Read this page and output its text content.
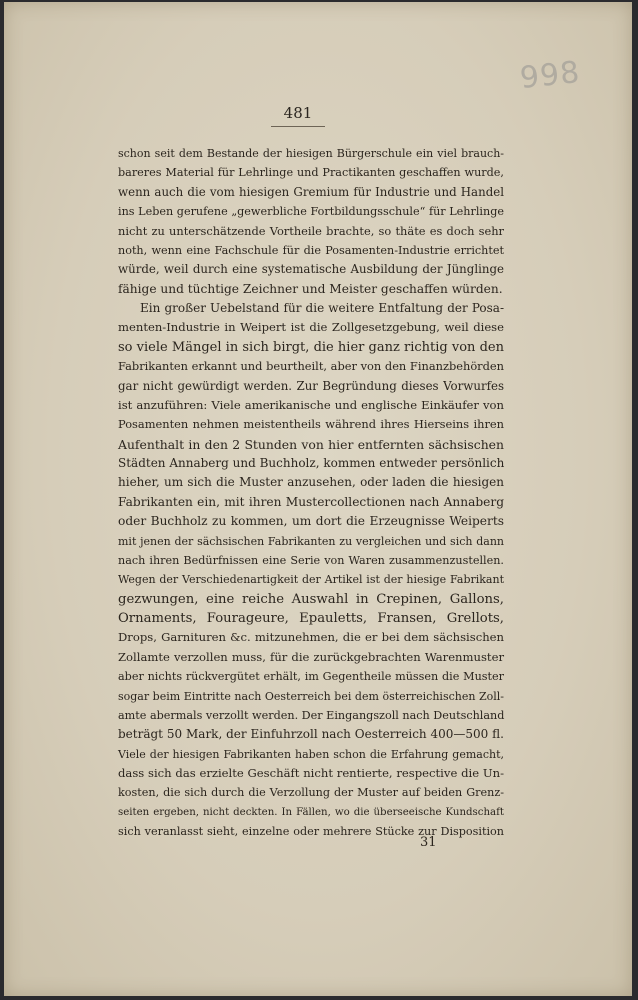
998
481
schon seit dem Bestande der hiesigen Bürgerschule ein viel brauch-
bareres Material für Lehrlinge und Practikanten geschaffen wurde,
wenn auch die vom hiesigen Gremium für Industrie und Handel
ins Leben gerufene „gewerbliche Fortbildungsschule“ für Lehrlinge
nicht zu unterschätzende Vortheile brachte, so thäte es doch sehr
noth, wenn eine Fachschule für die Posamenten-Industrie errichtet
würde, weil durch eine systematische Ausbildung der Jünglinge
fähige und tüchtige Zeichner und Meister geschaffen würden.
Ein großer Uebelstand für die weitere Entfaltung der Posa-
menten-Industrie in Weipert ist die Zollgesetzgebung, weil diese
so viele Mängel in sich birgt, die hier ganz richtig von den
Fabrikanten erkannt und beurtheilt, aber von den Finanzbehörden
gar nicht gewürdigt werden. Zur Begründung dieses Vorwurfes
ist anzuführen: Viele amerikanische und englische Einkäufer von
Posamenten nehmen meistentheils während ihres Hierseins ihren
Aufenthalt in den 2 Stunden von hier entfernten sächsischen
Städten Annaberg und Buchholz, kommen entweder persönlich
hieher, um sich die Muster anzusehen, oder laden die hiesigen
Fabrikanten ein, mit ihren Mustercollectionen nach Annaberg
oder Buchholz zu kommen, um dort die Erzeugnisse Weiperts
mit jenen der sächsischen Fabrikanten zu vergleichen und sich dann
nach ihren Bedürfnissen eine Serie von Waren zusammenzustellen.
Wegen der Verschiedenartigkeit der Artikel ist der hiesige Fabrikant
gezwungen, eine reiche Auswahl in Crepinen, Gallons,
Ornaments, Fourageure, Epauletts, Fransen, Grellots,
Drops, Garnituren &c. mitzunehmen, die er bei dem sächsischen
Zollamte verzollen muss, für die zurückgebrachten Warenmuster
aber nichts rückvergütet erhält, im Gegentheile müssen die Muster
sogar beim Eintritte nach Oesterreich bei dem österreichischen Zoll-
amte abermals verzollt werden. Der Eingangszoll nach Deutschland
beträgt 50 Mark, der Einfuhrzoll nach Oesterreich 400—500 fl.
Viele der hiesigen Fabrikanten haben schon die Erfahrung gemacht,
dass sich das erzielte Geschäft nicht rentierte, respective die Un-
kosten, die sich durch die Verzollung der Muster auf beiden Grenz-
seiten ergeben, nicht deckten. In Fällen, wo die überseeische Kundschaft
sich veranlasst sieht, einzelne oder mehrere Stücke zur Disposition
31
